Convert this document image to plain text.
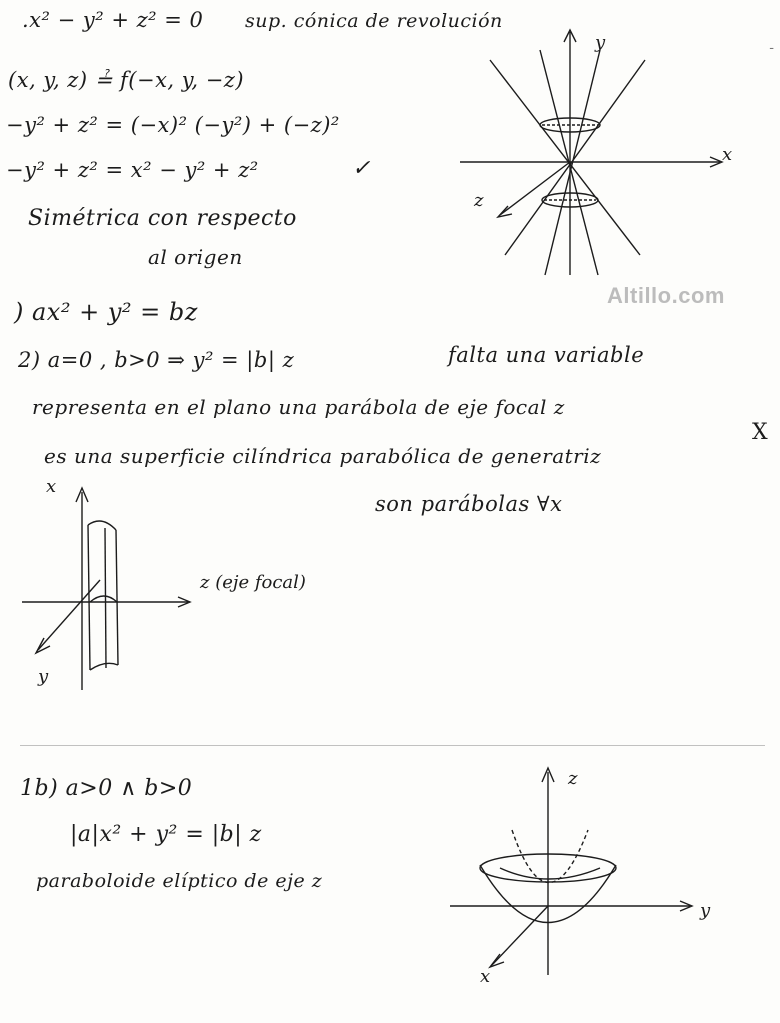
-
.x² − y² + z² = 0 sup. cónica de revolución
(x, y, z) ≟ f(−x, y, −z)
−y² + z² = (−x)² (−y²) + (−z)²
−y² + z² = x² − y² + z²	✓
Simétrica con respecto
al origen
y
x
z
Altillo.com
) ax² + y² = bz
2) a=0 , b>0 ⇒ y² = |b| z	falta una variable
representa en el plano una parábola de eje focal z
es una superficie cilíndrica parabólica de generatriz
X
son parábolas ∀x
x
z (eje focal)
y
1b) a>0 ∧ b>0
|a|x² + y² = |b| z
paraboloide elíptico de eje z
z
y
x
